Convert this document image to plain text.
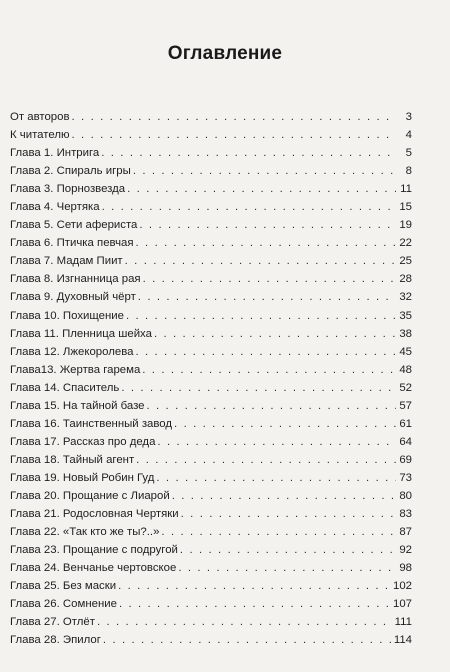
Оглавление
От авторов . . .	3
К читателю . . .	4
Глава 1. Интрига . . .	5
Глава 2. Спираль игры . . .	8
Глава 3. Порнозвезда . . .	11
Глава 4. Чертяка . . .	15
Глава 5. Сети афериста . . .	19
Глава 6. Птичка певчая . . .	22
Глава 7. Мадам Пиит . . .	25
Глава 8. Изгнанница рая . . .	28
Глава 9. Духовный чёрт . . .	32
Глава 10. Похищение . . .	35
Глава 11. Пленница шейха . . .	38
Глава 12. Лжекоролева . . .	45
Глава13. Жертва гарема . . .	48
Глава 14. Спаситель . . .	52
Глава 15. На тайной базе . . .	57
Глава 16. Таинственный завод . . .	61
Глава 17. Рассказ про деда . . .	64
Глава 18. Тайный агент . . .	69
Глава 19. Новый Робин Гуд . . .	73
Глава 20. Прощание с Лиарой . . .	80
Глава 21. Родословная Чертяки . . .	83
Глава 22. «Так кто же ты?..» . . .	87
Глава 23. Прощание с подругой . . .	92
Глава 24. Венчанье чертовское . . .	98
Глава 25. Без маски . . .	102
Глава 26. Сомнение . . .	107
Глава 27. Отлёт . . .	111
Глава 28. Эпилог . . .	114
